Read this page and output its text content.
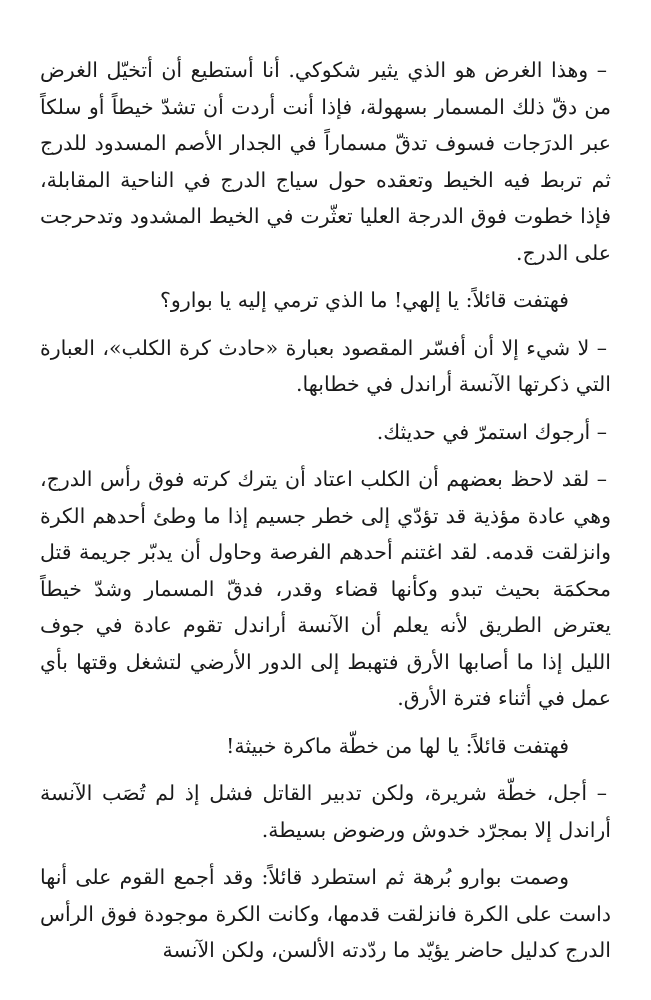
– وهذا الغرض هو الذي يثير شكوكي. أنا أستطيع أن أتخيّل الغرض من دقّ ذلك المسمار بسهولة، فإذا أنت أردت أن تشدّ خيطاً أو سلكاً عبر الدرَجات فسوف تدقّ مسماراً في الجدار الأصم المسدود للدرج ثم تربط فيه الخيط وتعقده حول سياج الدرج في الناحية المقابلة، فإذا خطوت فوق الدرجة العليا تعثّرت في الخيط المشدود وتدحرجت على الدرج.

فهتفت قائلاً: يا إلهي! ما الذي ترمي إليه يا بوارو؟

– لا شيء إلا أن أفسّر المقصود بعبارة «حادث كرة الكلب»، العبارة التي ذكرتها الآنسة أراندل في خطابها.

– أرجوك استمرّ في حديثك.

– لقد لاحظ بعضهم أن الكلب اعتاد أن يترك كرته فوق رأس الدرج، وهي عادة مؤذية قد تؤدّي إلى خطر جسيم إذا ما وطئ أحدهم الكرة وانزلقت قدمه. لقد اغتنم أحدهم الفرصة وحاول أن يدبّر جريمة قتل محكمَة بحيث تبدو وكأنها قضاء وقدر، فدقّ المسمار وشدّ خيطاً يعترض الطريق لأنه يعلم أن الآنسة أراندل تقوم عادة في جوف الليل إذا ما أصابها الأرق فتهبط إلى الدور الأرضي لتشغل وقتها بأي عمل في أثناء فترة الأرق.

فهتفت قائلاً: يا لها من خطّة ماكرة خبيثة!

– أجل، خطّة شريرة، ولكن تدبير القاتل فشل إذ لم تُصَب الآنسة أراندل إلا بمجرّد خدوش ورضوض بسيطة.

وصمت بوارو بُرهة ثم استطرد قائلاً: وقد أجمع القوم على أنها داست على الكرة فانزلقت قدمها، وكانت الكرة موجودة فوق الرأس الدرج كدليل حاضر يؤيّد ما ردّدته الألسن، ولكن الآنسة
